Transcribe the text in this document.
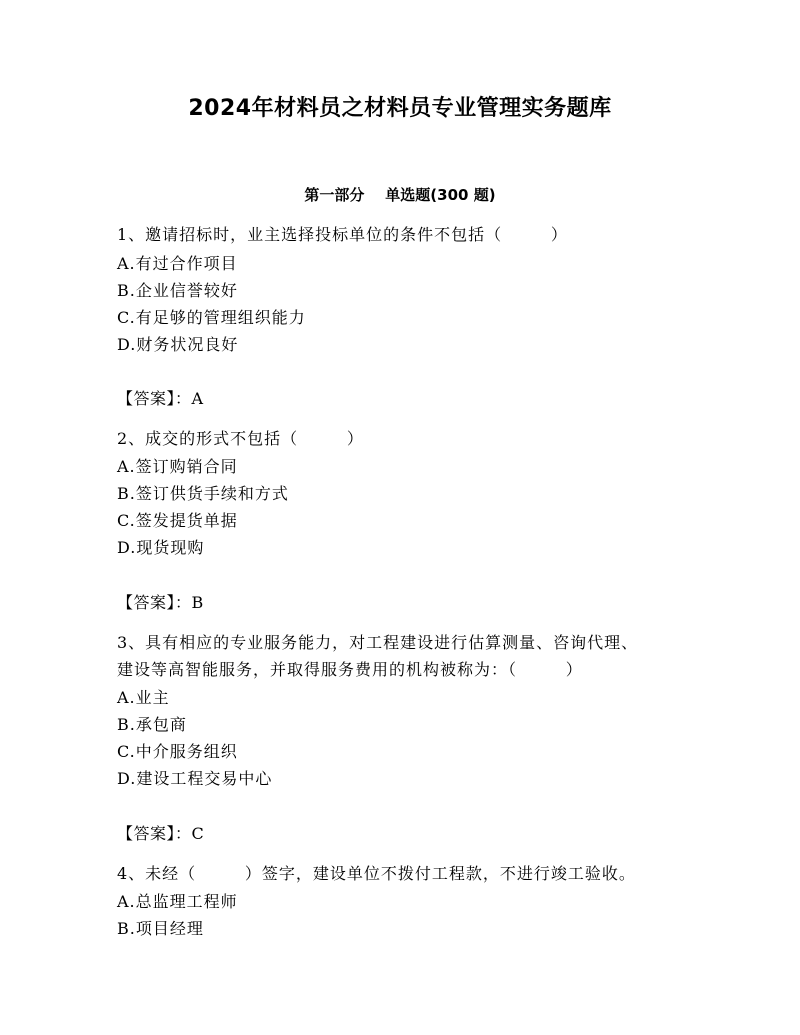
2024年材料员之材料员专业管理实务题库
第一部分    单选题(300 题)
1、邀请招标时，业主选择投标单位的条件不包括（        ）
A.有过合作项目
B.企业信誉较好
C.有足够的管理组织能力
D.财务状况良好
【答案】：A
2、成交的形式不包括（        ）
A.签订购销合同
B.签订供货手续和方式
C.签发提货单据
D.现货现购
【答案】：B
3、具有相应的专业服务能力，对工程建设进行估算测量、咨询代理、
建设等高智能服务，并取得服务费用的机构被称为：（        ）
A.业主
B.承包商
C.中介服务组织
D.建设工程交易中心
【答案】：C
4、未经（        ）签字，建设单位不拨付工程款，不进行竣工验收。
A.总监理工程师
B.项目经理
